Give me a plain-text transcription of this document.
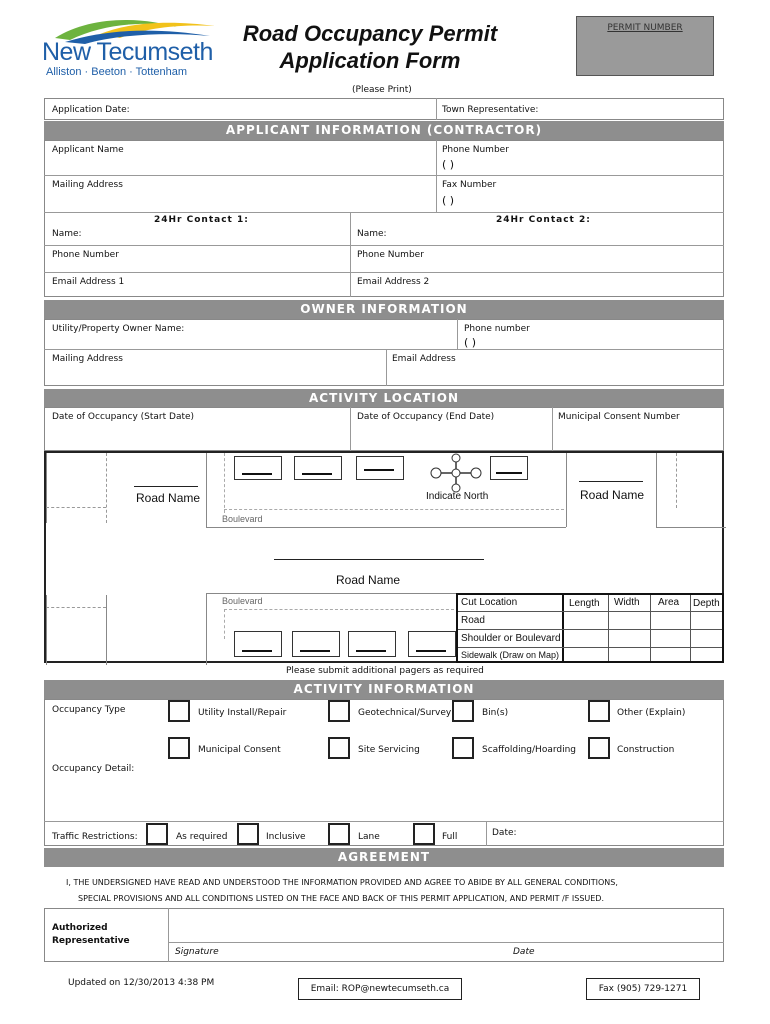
New Tecumseth
Alliston · Beeton · Tottenham
Road Occupancy Permit
Application Form
PERMIT NUMBER
(Please Print)
Application Date:	Town Representative:
APPLICANT INFORMATION (CONTRACTOR)
Applicant Name	Phone Number
( )
Mailing Address	Fax Number
( )
24Hr Contact 1:	24Hr Contact 2:
Name:	Name:
Phone Number	Phone Number
Email Address 1	Email Address 2
OWNER INFORMATION
Utility/Property Owner Name:	Phone number
( )
Mailing Address	Email Address
ACTIVITY LOCATION
Date of Occupancy (Start Date)	Date of Occupancy (End Date)	Municipal Consent Number
Road Name	Road Name
Boulevard
Indicate North
Road Name
Boulevard	Cut Location	Length Width Area Depth
Road
Shoulder or Boulevard
Sidewalk (Draw on Map)
Please submit additional pagers as required
ACTIVITY INFORMATION
Occupancy Type	Utility Install/Repair	Geotechnical/Survey	Bin(s)	Other (Explain)
Municipal Consent	Site Servicing	Scaffolding/Hoarding	Construction
Occupancy Detail:
Traffic Restrictions:	As required	Inclusive	Lane	Full	Date:
AGREEMENT
I, THE UNDERSIGNED HAVE READ AND UNDERSTOOD THE INFORMATION PROVIDED AND AGREE TO ABIDE BY ALL GENERAL CONDITIONS,
SPECIAL PROVISIONS AND ALL CONDITIONS LISTED ON THE FACE AND BACK OF THIS PERMIT APPLICATION, AND PERMIT /F ISSUED.
Authorized
Representative
Signature	Date
Updated on 12/30/2013 4:38 PM
Email: ROP@newtecumseth.ca	Fax (905) 729-1271
